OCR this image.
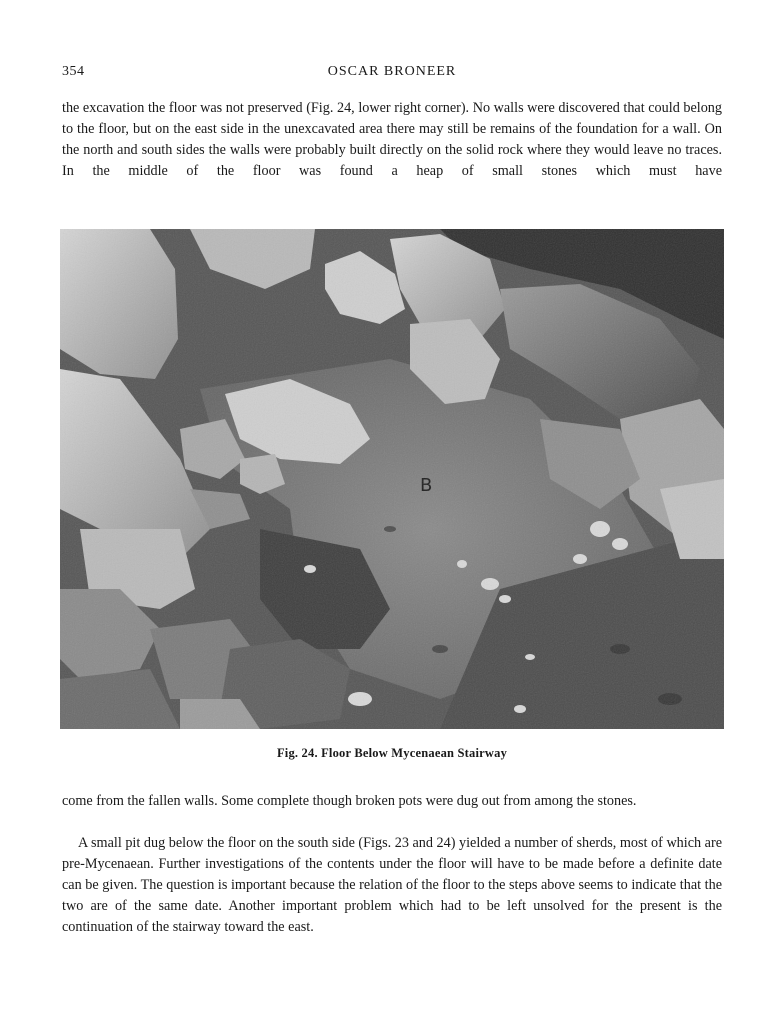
354	OSCAR BRONEER

the excavation the floor was not preserved (Fig. 24, lower right corner). No walls were discovered that could belong to the floor, but on the east side in the unexcavated area there may still be remains of the foundation for a wall. On the north and south sides the walls were probably built directly on the solid rock where they would leave no traces. In the middle of the floor was found a heap of small stones which must have

Fig. 24. Floor Below Mycenaean Stairway

come from the fallen walls. Some complete though broken pots were dug out from among the stones.

A small pit dug below the floor on the south side (Figs. 23 and 24) yielded a number of sherds, most of which are pre-Mycenaean. Further investigations of the contents under the floor will have to be made before a definite date can be given. The question is important because the relation of the floor to the steps above seems to indicate that the two are of the same date. Another important problem which had to be left unsolved for the present is the continuation of the stairway toward the east.
